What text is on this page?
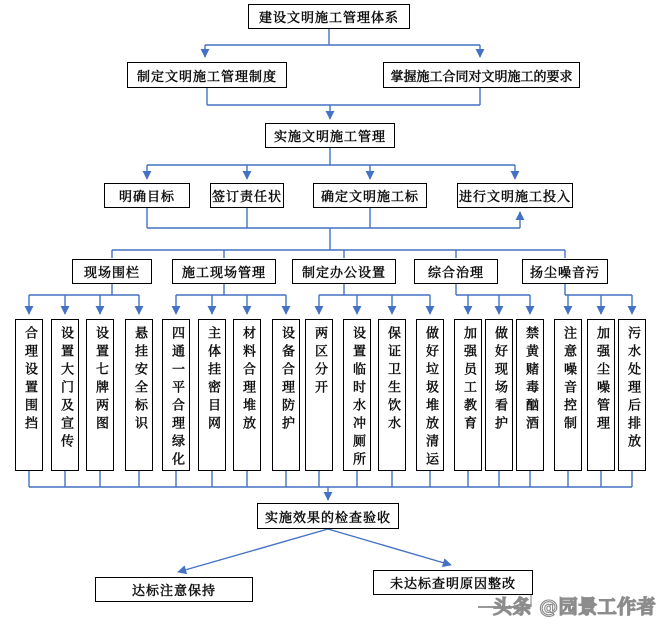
建设文明施工管理体系
制定文明施工管理制度	掌握施工合同对文明施工的要求
实施文明施工管理
明确目标	签订责任状	确定文明施工标	进行文明施工投入
现场围栏	施工现场管理	制定办公设置	综合治理	扬尘噪音污
合理设置围挡	设置大门及宣传	设置七牌两图	悬挂安全标识	四通一平合理绿化	主体挂密目网	材料合理堆放	设备合理防护	两区分开	设置临时水冲厕所	保证卫生饮水	做好垃圾堆放清运	加强员工教育	做好现场看护	禁黄赌毒酗酒	注意噪音控制	加强尘噪管理	污水处理后排放
实施效果的检查验收
达标注意保持	未达标查明原因整改
头条 @园景工作者
